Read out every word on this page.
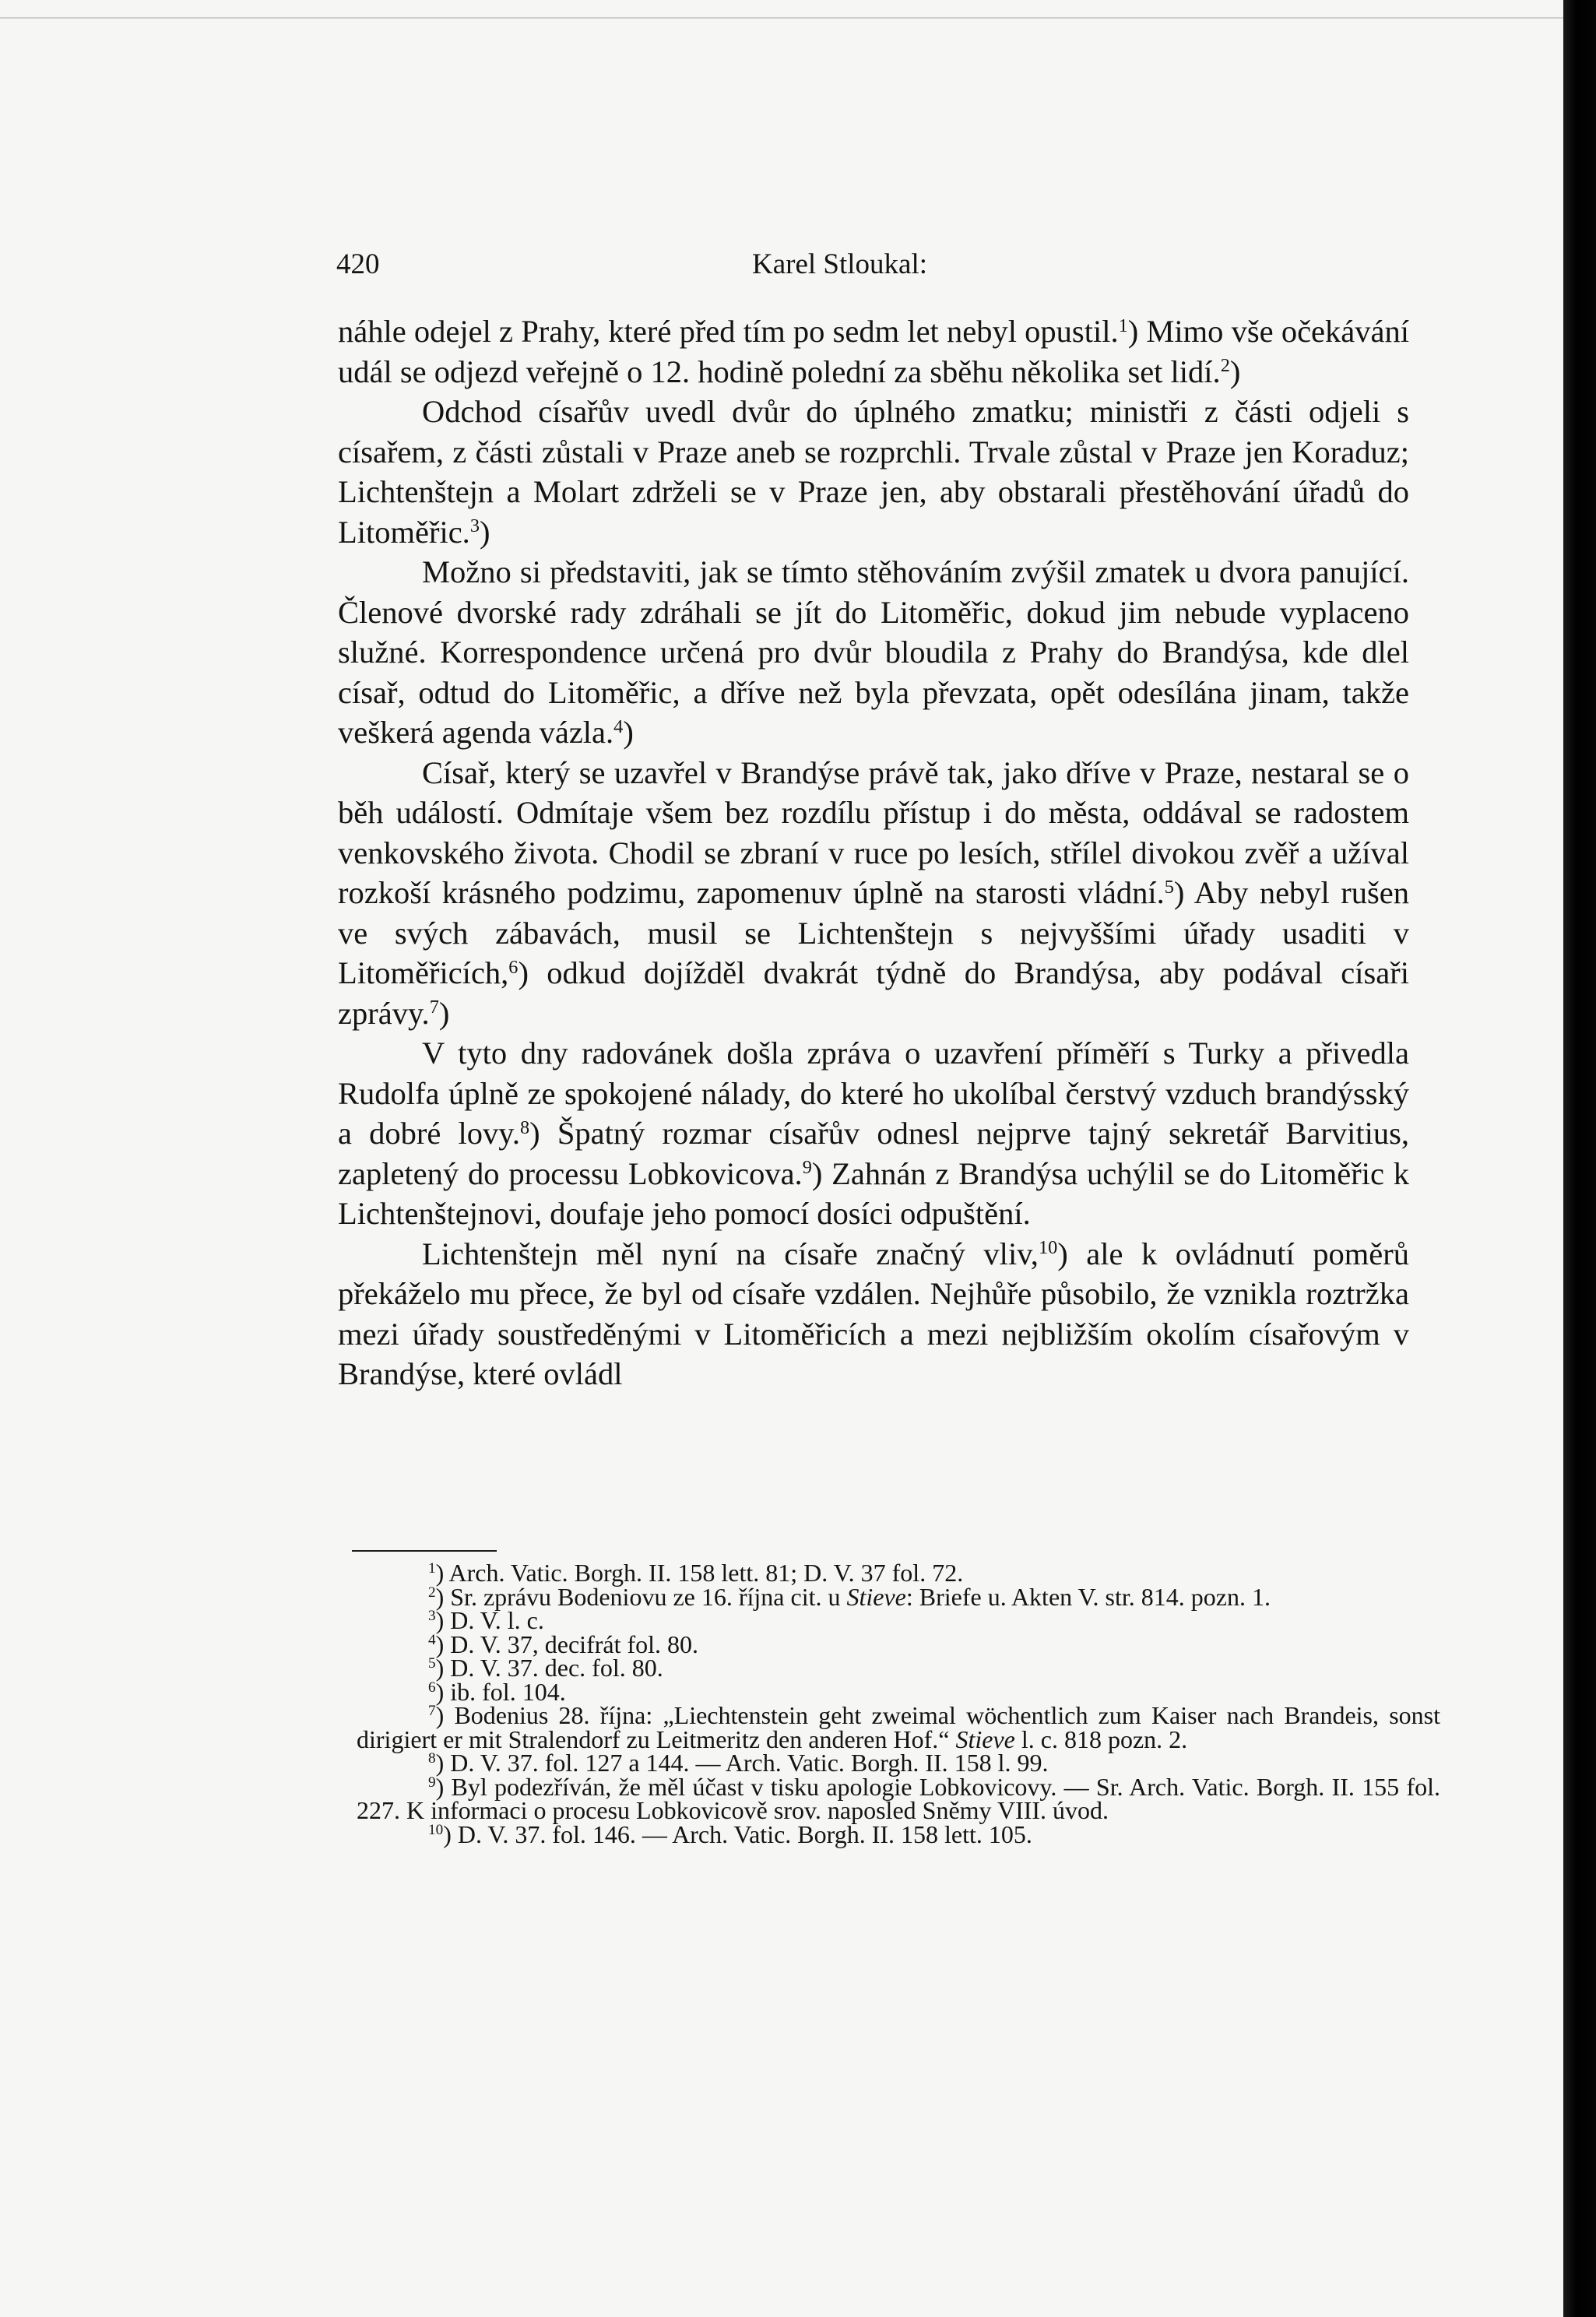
420	Karel Stloukal:

náhle odejel z Prahy, které před tím po sedm let nebyl opustil.$^1$) Mimo vše očekávání udál se odjezd veřejně o 12. hodině polední za sběhu několika set lidí.$^2$)

Odchod císařův uvedl dvůr do úplného zmatku; ministři z části odjeli s císařem, z části zůstali v Praze aneb se rozprchli. Trvale zůstal v Praze jen Koraduz; Lichtenštejn a Molart zdrželi se v Praze jen, aby obstarali přestěhování úřadů do Litoměřic.$^3$)

Možno si představiti, jak se tímto stěhováním zvýšil zmatek u dvora panující. Členové dvorské rady zdráhali se jít do Litoměřic, dokud jim nebude vyplaceno služné. Korrespondence určená pro dvůr bloudila z Prahy do Brandýsa, kde dlel císař, odtud do Litoměřic, a dříve než byla převzata, opět odesílána jinam, takže veškerá agenda vázla.$^4$)

Císař, který se uzavřel v Brandýse právě tak, jako dříve v Praze, nestaral se o běh událostí. Odmítaje všem bez rozdílu přístup i do města, oddával se radostem venkovského života. Chodil se zbraní v ruce po lesích, střílel divokou zvěř a užíval rozkoší krásného podzimu, zapomenuv úplně na starosti vládní.$^5$) Aby nebyl rušen ve svých zábavách, musil se Lichtenštejn s nejvyššími úřady usaditi v Litoměřicích,$^6$) odkud dojížděl dvakrát týdně do Brandýsa, aby podával císaři zprávy.$^7$)

V tyto dny radovánek došla zpráva o uzavření příměří s Turky a přivedla Rudolfa úplně ze spokojené nálady, do které ho ukolíbal čerstvý vzduch brandýsský a dobré lovy.$^8$) Špatný rozmar císařův odnesl nejprve tajný sekretář Barvitius, zapletený do processu Lobkovicova.$^9$) Zahnán z Brandýsa uchýlil se do Litoměřic k Lichtenštejnovi, doufaje jeho pomocí dosíci odpuštění.

Lichtenštejn měl nyní na císaře značný vliv,$^{10}$) ale k ovládnutí poměrů překáželo mu přece, že byl od císaře vzdálen. Nejhůře působilo, že vznikla roztržka mezi úřady soustředěnými v Litoměřicích a mezi nejbližším okolím císařovým v Brandýse, které ovládl

$^1$) Arch. Vatic. Borgh. II. 158 lett. 81; D. V. 37 fol. 72.

$^2$) Sr. zprávu Bodeniovu ze 16. října cit. u Stieve: Briefe u. Akten V. str. 814. pozn. 1.

$^3$) D. V. l. c.

$^4$) D. V. 37, decifrát fol. 80.

$^5$) D. V. 37. dec. fol. 80.

$^6$) ib. fol. 104.

$^7$) Bodenius 28. října: „Liechtenstein geht zweimal wöchentlich zum Kaiser nach Brandeis, sonst dirigiert er mit Stralendorf zu Leitmeritz den anderen Hof.“ Stieve l. c. 818 pozn. 2.

$^8$) D. V. 37. fol. 127 a 144. — Arch. Vatic. Borgh. II. 158 l. 99.

$^9$) Byl podezříván, že měl účast v tisku apologie Lobkovicovy. — Sr. Arch. Vatic. Borgh. II. 155 fol. 227. K informaci o procesu Lobkovicově srov. naposled Sněmy VIII. úvod.

$^{10}$) D. V. 37. fol. 146. — Arch. Vatic. Borgh. II. 158 lett. 105.
